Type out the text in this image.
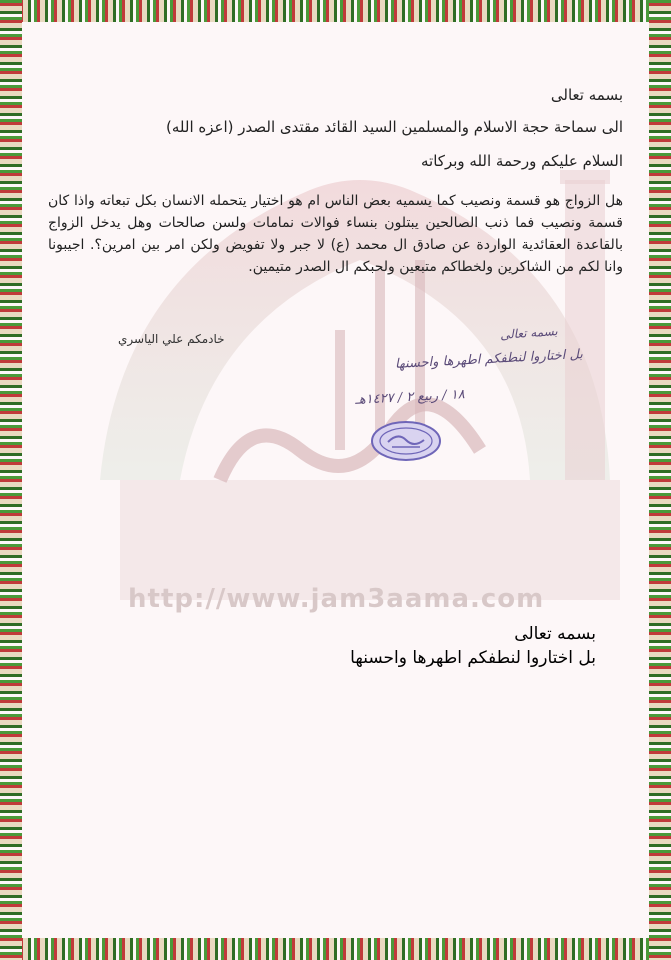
http://www.jam3aama.com
بسمه تعالى
الى سماحة حجة الاسلام والمسلمين السيد القائد مقتدى الصدر (اعزه الله)
السلام عليكم ورحمة الله وبركاته
هل الزواج هو قسمة ونصيب كما يسميه بعض الناس ام هو اختيار يتحمله الانسان بكل تبعاته واذا كان قسمة ونصيب فما ذنب الصالحين يبتلون بنساء فوالات نمامات ولسن صالحات وهل يدخل الزواج بالقاعدة العقائدية الواردة عن صادق ال محمد (ع) لا جبر ولا تفويض ولكن امر بين امرين؟. اجيبونا وانا لكم من الشاكرين ولخطاكم متبعين ولحبكم ال الصدر متيمين.
خادمكم علي الياسري	بسمه تعالى
بل اختاروا لنطفكم اطهرها واحسنها
١٨ / ربيع ٢ / ١٤٢٧هـ
بسمه تعالى
بل اختاروا لنطفكم اطهرها واحسنها
